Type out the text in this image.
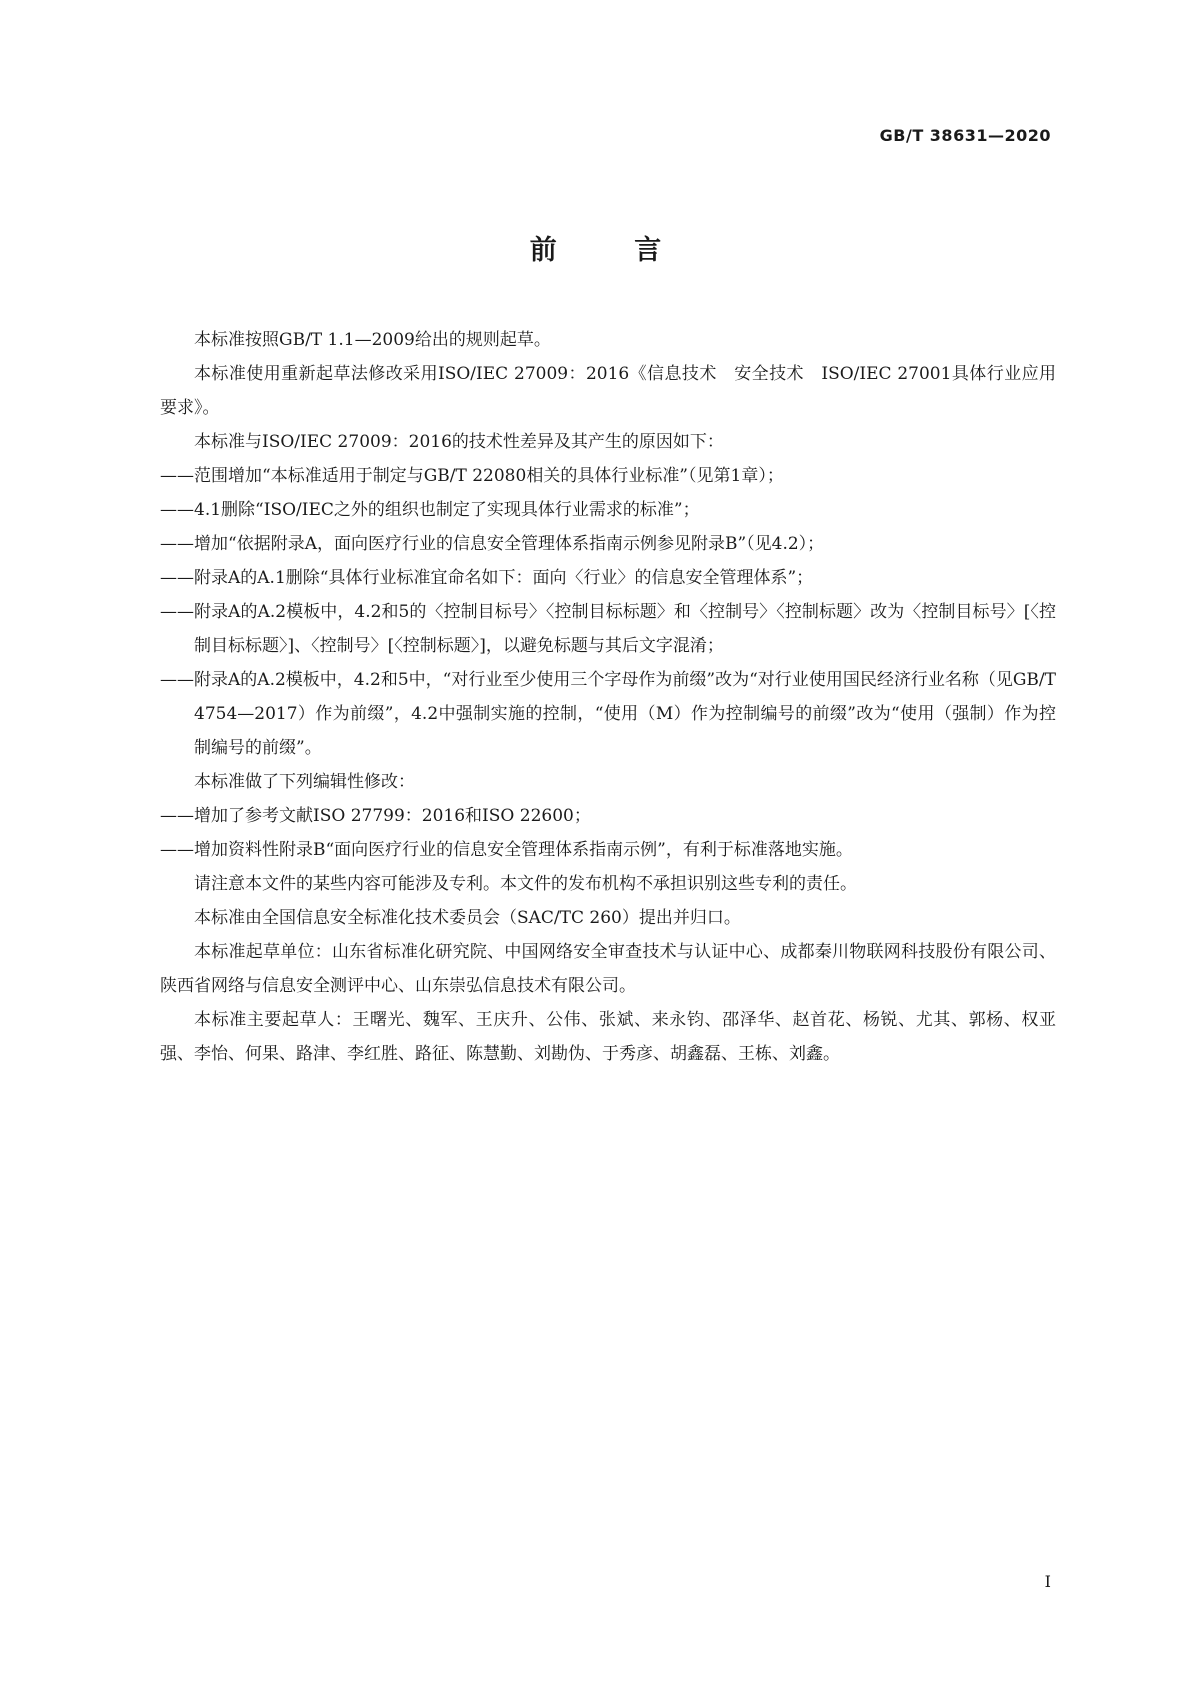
GB/T 38631—2020
前 言

本标准按照GB/T 1.1—2009给出的规则起草。

本标准使用重新起草法修改采用ISO/IEC 27009：2016《信息技术　安全技术　ISO/IEC 27001具体行业应用　要求》。

本标准与ISO/IEC 27009：2016的技术性差异及其产生的原因如下：

——范围增加“本标准适用于制定与GB/T 22080相关的具体行业标准”（见第1章）；

——4.1删除“ISO/IEC之外的组织也制定了实现具体行业需求的标准”；

——增加“依据附录A，面向医疗行业的信息安全管理体系指南示例参见附录B”（见4.2）；

——附录A的A.1删除“具体行业标准宜命名如下：面向〈行业〉的信息安全管理体系”；

——附录A的A.2模板中，4.2和5的〈控制目标号〉〈控制目标标题〉和〈控制号〉〈控制标题〉改为〈控制目标号〉[〈控制目标标题〉]、〈控制号〉[〈控制标题〉]，以避免标题与其后文字混淆；

——附录A的A.2模板中，4.2和5中，“对行业至少使用三个字母作为前缀”改为“对行业使用国民经济行业名称（见GB/T 4754—2017）作为前缀”，4.2中强制实施的控制，“使用（M）作为控制编号的前缀”改为“使用（强制）作为控制编号的前缀”。

本标准做了下列编辑性修改：

——增加了参考文献ISO 27799：2016和ISO 22600；

——增加资料性附录B“面向医疗行业的信息安全管理体系指南示例”，有利于标准落地实施。

请注意本文件的某些内容可能涉及专利。本文件的发布机构不承担识别这些专利的责任。

本标准由全国信息安全标准化技术委员会（SAC/TC 260）提出并归口。

本标准起草单位：山东省标准化研究院、中国网络安全审查技术与认证中心、成都秦川物联网科技股份有限公司、陕西省网络与信息安全测评中心、山东崇弘信息技术有限公司。

本标准主要起草人：王曙光、魏军、王庆升、公伟、张斌、来永钧、邵泽华、赵首花、杨锐、尤其、郭杨、权亚强、李怡、何果、路津、李红胜、路征、陈慧勤、刘勘伪、于秀彦、胡鑫磊、王栋、刘鑫。

I
